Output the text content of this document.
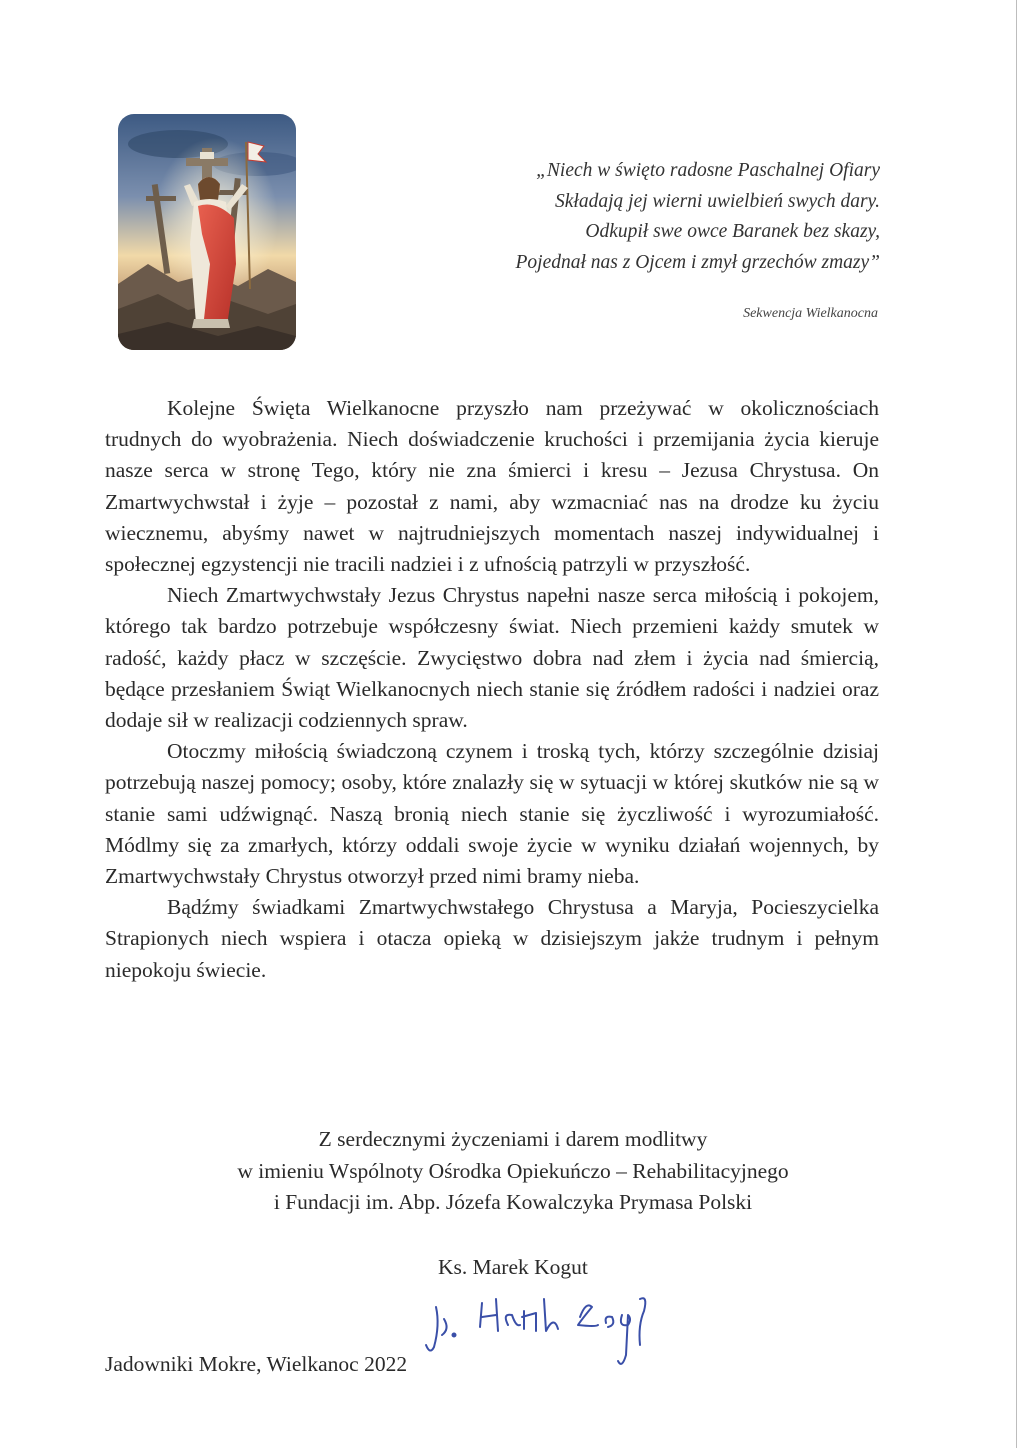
„Niech w święto radosne Paschalnej Ofiary
Składają jej wierni uwielbień swych dary.
Odkupił swe owce Baranek bez skazy,
Pojednał nas z Ojcem i zmył grzechów zmazy”
Sekwencja Wielkanocna

Kolejne Święta Wielkanocne przyszło nam przeżywać w okolicznościach trudnych do wyobrażenia. Niech doświadczenie kruchości i przemijania życia kieruje nasze serca w stronę Tego, który nie zna śmierci i kresu – Jezusa Chrystusa. On Zmartwychwstał i żyje – pozostał z nami, aby wzmacniać nas na drodze ku życiu wiecznemu, abyśmy nawet w najtrudniejszych momentach naszej indywidualnej i społecznej egzystencji nie tracili nadziei i z ufnością patrzyli w przyszłość.

Niech Zmartwychwstały Jezus Chrystus napełni nasze serca miłością i pokojem, którego tak bardzo potrzebuje współczesny świat. Niech przemieni każdy smutek w radość, każdy płacz w szczęście. Zwycięstwo dobra nad złem i życia nad śmiercią, będące przesłaniem Świąt Wielkanocnych niech stanie się źródłem radości i nadziei oraz dodaje sił w realizacji codziennych spraw.

Otoczmy miłością świadczoną czynem i troską tych, którzy szczególnie dzisiaj potrzebują naszej pomocy; osoby, które znalazły się w sytuacji w której skutków nie są w stanie sami udźwignąć. Naszą bronią niech stanie się życzliwość i wyrozumiałość. Módlmy się za zmarłych, którzy oddali swoje życie w wyniku działań wojennych, by Zmartwychwstały Chrystus otworzył przed nimi bramy nieba.

Bądźmy świadkami Zmartwychwstałego Chrystusa a Maryja, Pocieszycielka Strapionych niech wspiera i otacza opieką w dzisiejszym jakże trudnym i pełnym niepokoju świecie.

Z serdecznymi życzeniami i darem modlitwy
w imieniu Wspólnoty Ośrodka Opiekuńczo – Rehabilitacyjnego
i Fundacji im. Abp. Józefa Kowalczyka Prymasa Polski
Ks. Marek Kogut
Jadowniki Mokre, Wielkanoc 2022
